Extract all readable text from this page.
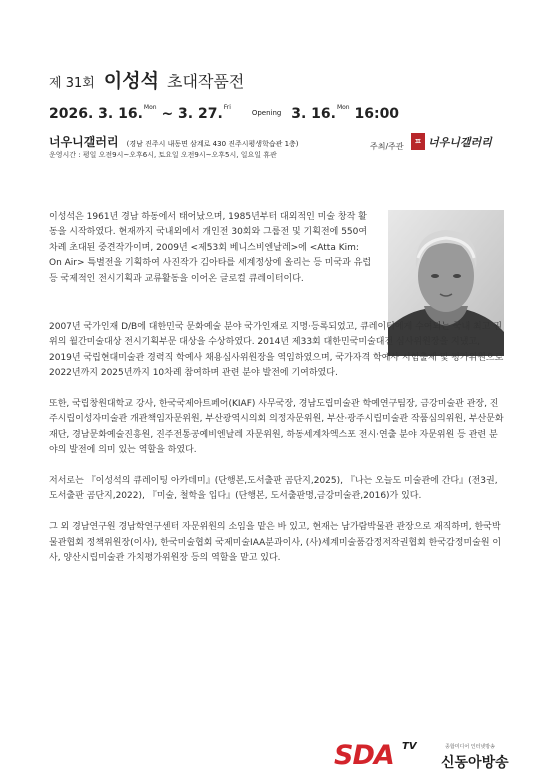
제 31회 이성석 초대작품전
2026. 3. 16.$^{Mon}$ ~ 3. 27.$^{Fri}$ $^{Opening}$ 3. 16.$^{Mon}$ 16:00
너우니갤러리 (경남 진주시 내동면 삼계로 430 진주시평생학습관 1층)
운영시간 : 평일 오전9시~오후6시, 토요일 오전9시~오후5시, 일요일 휴관
주최/주관
ㅍ 너우니갤러리

이성석은 1961년 경남 하동에서 태어났으며, 1985년부터 대외적인 미술 창작 활동을 시작하였다. 현재까지 국내외에서 개인전 30회와 그룹전 및 기획전에 550여 차례 초대된 중견작가이며, 2009년 <제53회 베니스비엔날레>에 <Atta Kim: On Air> 특별전을 기획하여 사진작가 김아타를 세계정상에 올리는 등 미국과 유럽 등 국제적인 전시기획과 교류활동을 이어온 글로컬 큐레이터이다.

2007년 국가인재 D/B에 대한민국 문화예술 분야 국가인재로 지명·등록되었고, 큐레이터에게 수여되는 국내 최고 권위의 월간미술대상 전시기획부문 대상을 수상하였다. 2014년 제33회 대한민국미술대전 심사위원장을 지냈고, 2019년 국립현대미술관 경력직 학예사 채용심사위원장을 역임하였으며, 국가자격 학예사 시험출제 및 평가위원으로 2022년까지 2025년까지 10차례 참여하며 관련 분야 발전에 기여하였다.

또한, 국립창원대학교 강사, 한국국제아트페어(KIAF) 사무국장, 경남도립미술관 학예연구팀장, 금강미술관 관장, 진주시립이성자미술관 개관책임자문위원, 부산광역시의회 의정자문위원, 부산·광주시립미술관 작품심의위원, 부산문화재단, 경남문화예술진흥원, 진주전통공예비엔날레 자문위원, 하동세계차엑스포 전시·연출 분야 자문위원 등 관련 분야의 발전에 의미 있는 역할을 하였다.

저서로는 『이성석의 큐레이팅 아카데미』(단행본,도서출판 곰단지,2025), 『나는 오늘도 미술관에 간다』(전3권,도서출판 곰단지,2022), 『미술, 철학을 입다』(단행본, 도서출판명,금강미술관,2016)가 있다.

그 외 경남연구원 경남학연구센터 자문위원의 소임을 맡은 바 있고, 현재는 남가람박물관 관장으로 재직하며, 한국박물관협회 정책위원장(이사), 한국미술협회 국제미술IAA분과이사, (사)세계미술품감정저작권협회 한국감정미술원 이사, 양산시립미술관 가치평가위원장 등의 역할을 맡고 있다.

SDA TV	종합미디어 인터넷방송
신동아방송
